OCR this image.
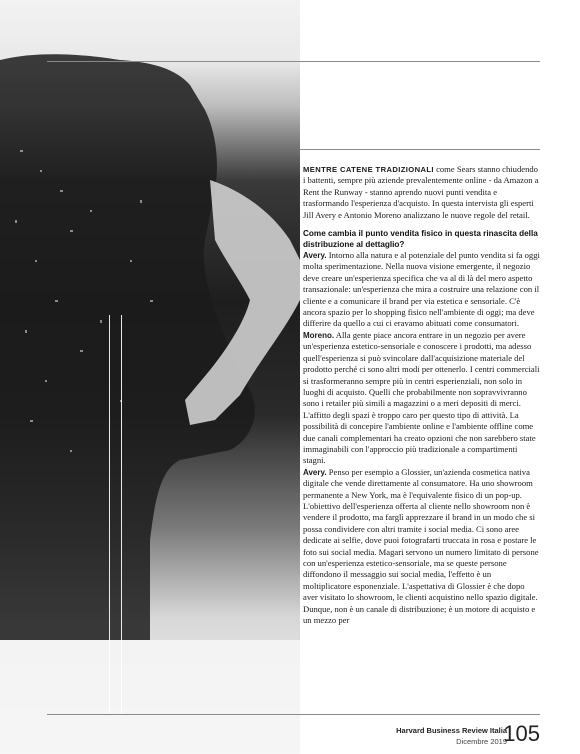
MENTRE CATENE TRADIZIONALI come Sears stanno chiudendo i battenti, sempre più aziende prevalentemente online - da Amazon a Rent the Runway - stanno aprendo nuovi punti vendita e trasformando l'esperienza d'acquisto. In questa intervista gli esperti Jill Avery e Antonio Moreno analizzano le nuove regole del retail.

Come cambia il punto vendita fisico in questa rinascita della distribuzione al dettaglio?

Avery. Intorno alla natura e al potenziale del punto vendita si fa oggi molta sperimentazione. Nella nuova visione emergente, il negozio deve creare un'esperienza specifica che va al di là del mero aspetto transazionale: un'esperienza che mira a costruire una relazione con il cliente e a comunicare il brand per via estetica e sensoriale. C'è ancora spazio per lo shopping fisico nell'ambiente di oggi; ma deve differire da quello a cui ci eravamo abituati come consumatori.

Moreno. Alla gente piace ancora entrare in un negozio per avere un'esperienza estetico-sensoriale e conoscere i prodotti, ma adesso quell'esperienza si può svincolare dall'acquisizione materiale del prodotto perché ci sono altri modi per ottenerlo. I centri commerciali si trasformeranno sempre più in centri esperienziali, non solo in luoghi di acquisto. Quelli che probabilmente non sopravvivranno sono i retailer più simili a magazzini o a meri depositi di merci. L'affitto degli spazi è troppo caro per questo tipo di attività. La possibilità di concepire l'ambiente online e l'ambiente offline come due canali complementari ha creato opzioni che non sarebbero state immaginabili con l'approccio più tradizionale a compartimenti stagni.

Avery. Penso per esempio a Glossier, un'azienda cosmetica nativa digitale che vende direttamente al consumatore. Ha uno showroom permanente a New York, ma è l'equivalente fisico di un pop-up. L'obiettivo dell'esperienza offerta al cliente nello showroom non è vendere il prodotto, ma farglì apprezzare il brand in un modo che si possa condividere con altri tramite i social media. Ci sono aree dedicate ai selfie, dove puoi fotografarti truccata in rosa e postare le foto sui social media. Magari servono un numero limitato di persone con un'esperienza estetico-sensoriale, ma se queste persone diffondono il messaggio sui social media, l'effetto è un moltiplicatore esponenziale. L'aspettativa di Glossier è che dopo aver visitato lo showroom, le clienti acquistino nello spazio digitale. Dunque, non è un canale di distribuzione; è un motore di acquisto e un mezzo per

Harvard Business Review Italia
Dicembre 2019
105
